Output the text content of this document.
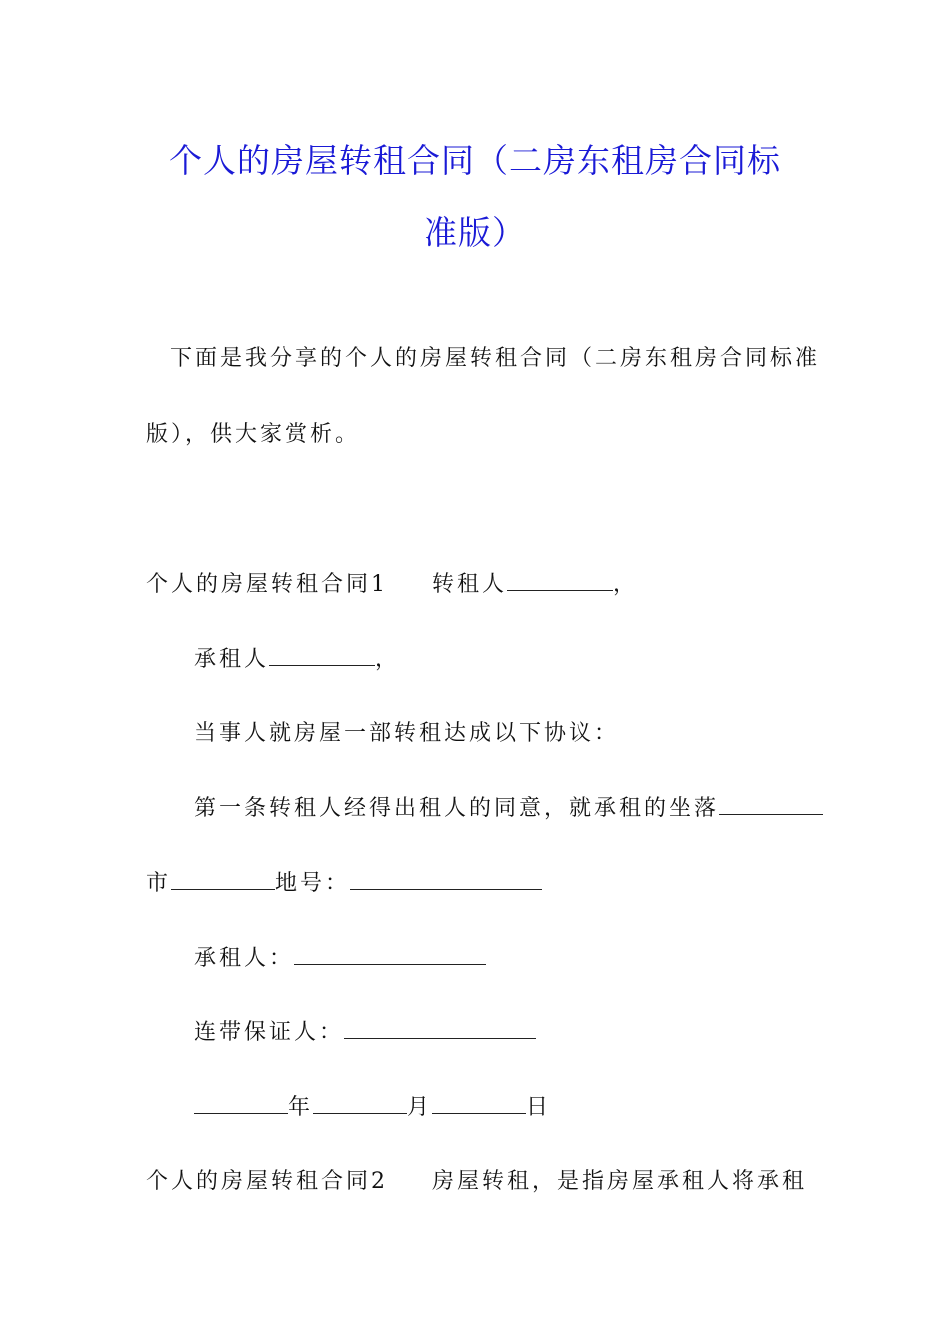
个人的房屋转租合同（二房东租房合同标
准版）
下面是我分享的个人的房屋转租合同（二房东租房合同标准
版），供大家赏析。
个人的房屋转租合同1 转租人	，
承租人	，
当事人就房屋一部转租达成以下协议：
第一条转租人经得出租人的同意，就承租的坐落
市	地号：
承租人：
连带保证人：
年	月	日
个人的房屋转租合同2 房屋转租，是指房屋承租人将承租
